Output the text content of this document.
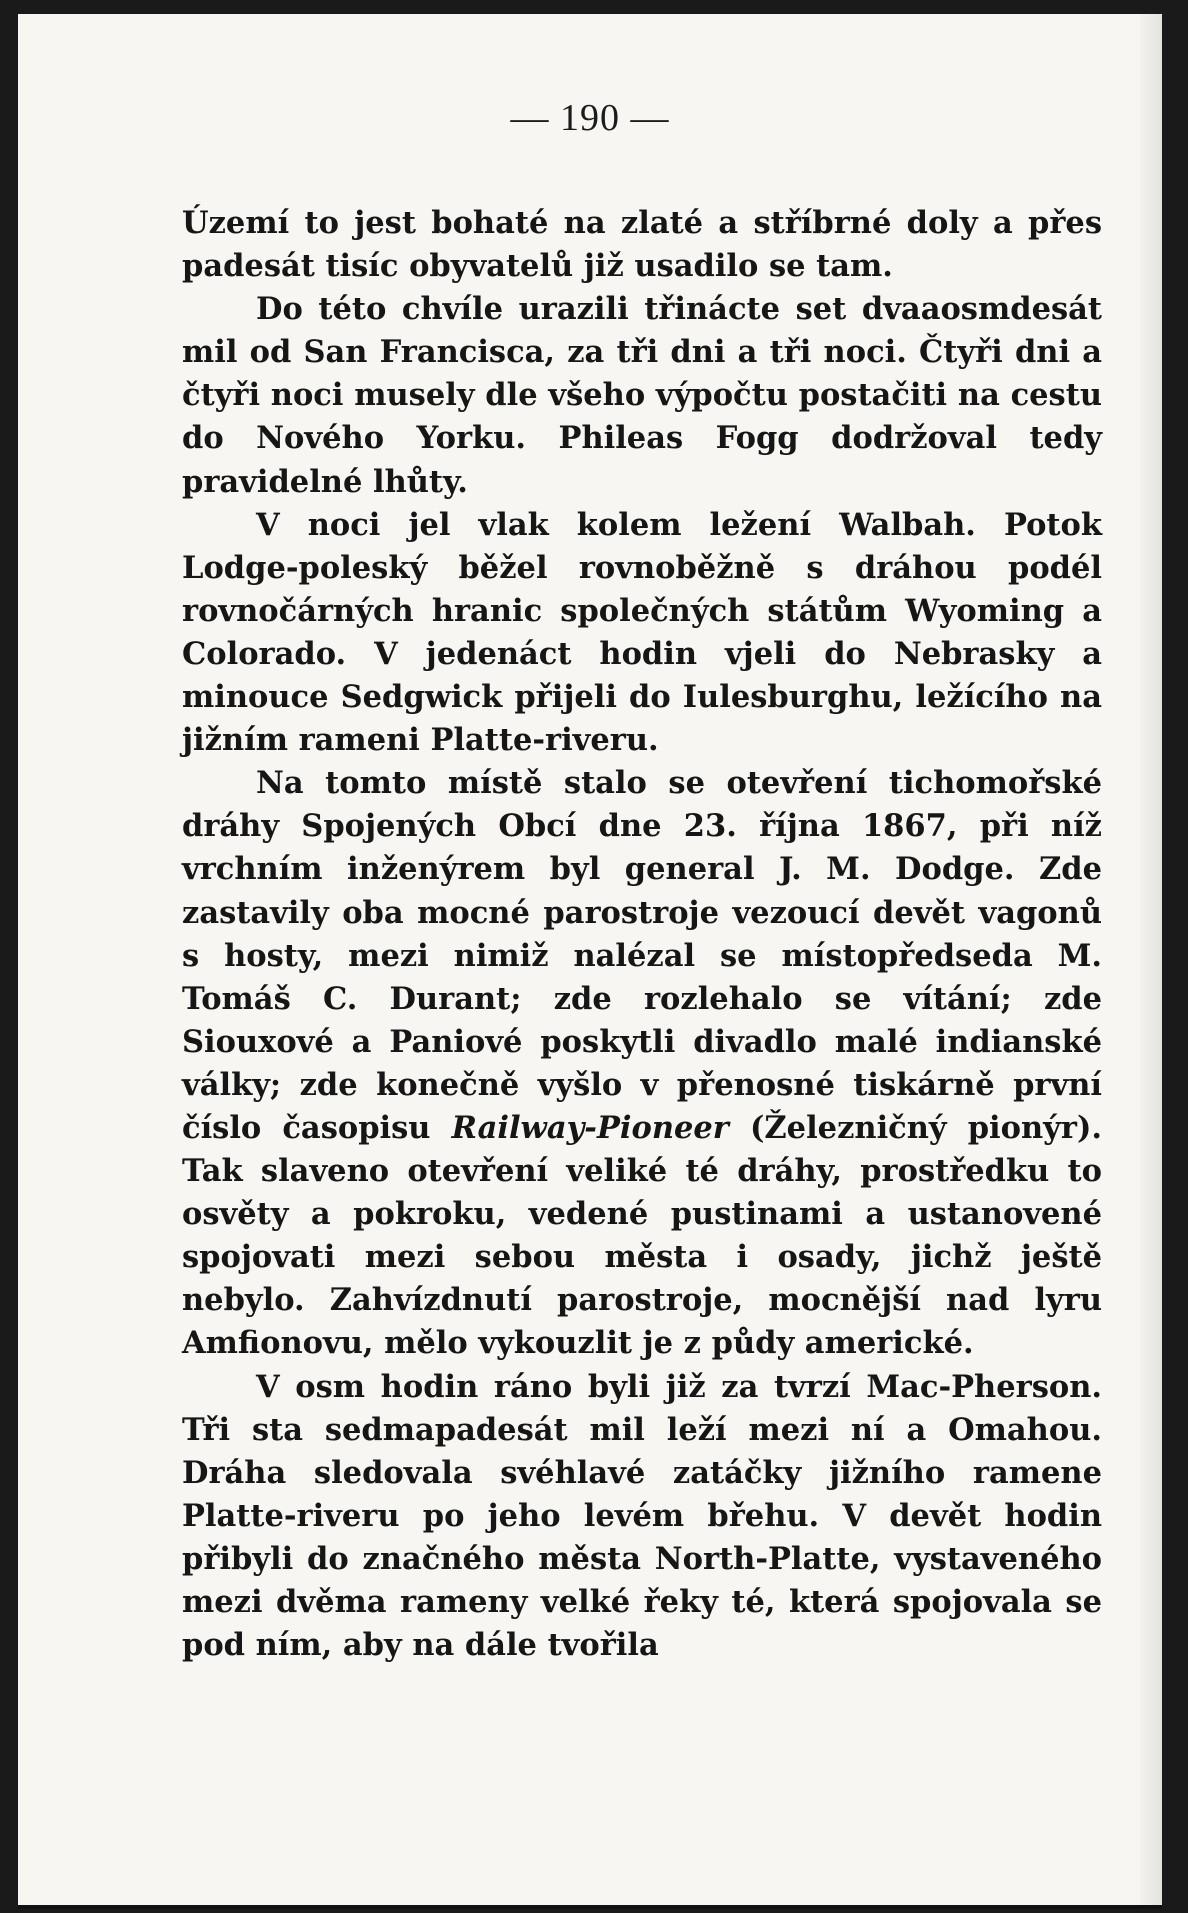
— 190 —

Území to jest bohaté na zlaté a stříbrné doly a přes padesát tisíc obyvatelů již usadilo se tam.

Do této chvíle urazili třinácte set dvaaosmdesát mil od San Francisca, za tři dni a tři noci. Čtyři dni a čtyři noci musely dle všeho výpočtu postačiti na cestu do Nového Yorku. Phileas Fogg dodržoval tedy pravidelné lhůty.

V noci jel vlak kolem ležení Walbah. Potok Lodge-poleský běžel rovnoběžně s dráhou podél rovnočárných hranic společných státům Wyoming a Colorado. V jedenáct hodin vjeli do Nebrasky a minouce Sedgwick přijeli do Iulesburghu, ležícího na jižním rameni Platte-riveru.

Na tomto místě stalo se otevření tichomořské dráhy Spojených Obcí dne 23. října 1867, při níž vrchním inženýrem byl general J. M. Dodge. Zde zastavily oba mocné parostroje vezoucí devět vagonů s hosty, mezi nimiž nalézal se místopředseda M. Tomáš C. Durant; zde rozlehalo se vítání; zde Siouxové a Paniové poskytli divadlo malé indianské války; zde konečně vyšlo v přenosné tiskárně první číslo časopisu Railway-Pioneer (Železničný pionýr). Tak slaveno otevření veliké té dráhy, prostředku to osvěty a pokroku, vedené pustinami a ustanovené spojovati mezi sebou města i osady, jichž ještě nebylo. Zahvízdnutí parostroje, mocnější nad lyru Amfionovu, mělo vykouzlit je z půdy americké.

V osm hodin ráno byli již za tvrzí Mac-Pherson. Tři sta sedmapadesát mil leží mezi ní a Omahou. Dráha sledovala svéhlavé zatáčky jižního ramene Platte-riveru po jeho levém břehu. V devět hodin přibyli do značného města North-Platte, vystaveného mezi dvěma rameny velké řeky té, která spojovala se pod ním, aby na dále tvořila
